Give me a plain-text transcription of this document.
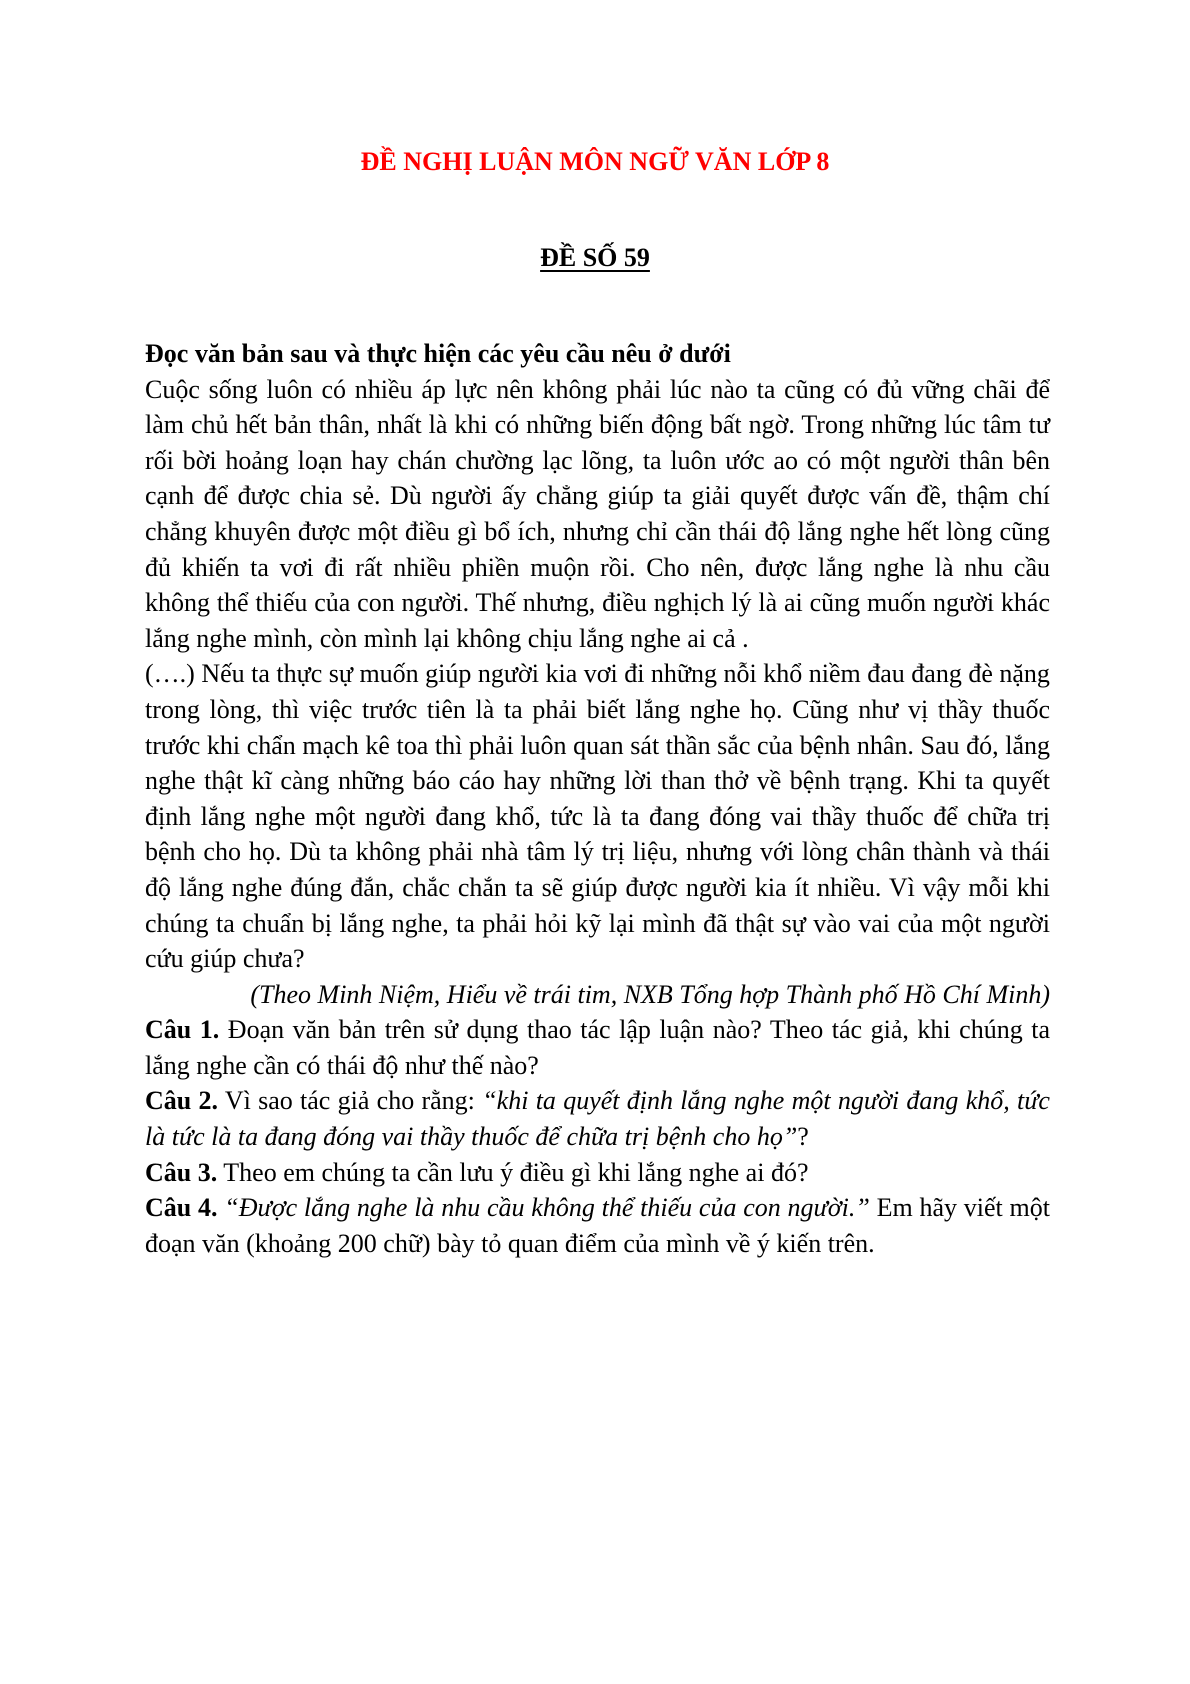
ĐỀ NGHỊ LUẬN MÔN NGỮ VĂN LỚP 8
ĐỀ SỐ 59

Đọc văn bản sau và thực hiện các yêu cầu nêu ở dưới

Cuộc sống luôn có nhiều áp lực nên không phải lúc nào ta cũng có đủ vững chãi để làm chủ hết bản thân, nhất là khi có những biến động bất ngờ. Trong những lúc tâm tư rối bời hoảng loạn hay chán chường lạc lõng, ta luôn ước ao có một người thân bên cạnh để được chia sẻ. Dù người ấy chẳng giúp ta giải quyết được vấn đề, thậm chí chẳng khuyên được một điều gì bổ ích, nhưng chỉ cần thái độ lắng nghe hết lòng cũng đủ khiến ta vơi đi rất nhiều phiền muộn rồi. Cho nên, được lắng nghe là nhu cầu không thể thiếu của con người. Thế nhưng, điều nghịch lý là ai cũng muốn người khác lắng nghe mình, còn mình lại không chịu lắng nghe ai cả .

(….) Nếu ta thực sự muốn giúp người kia vơi đi những nỗi khổ niềm đau đang đè nặng

trong lòng, thì việc trước tiên là ta phải biết lắng nghe họ. Cũng như vị thầy thuốc trước khi chẩn mạch kê toa thì phải luôn quan sát thần sắc của bệnh nhân. Sau đó, lắng nghe thật kĩ càng những báo cáo hay những lời than thở về bệnh trạng. Khi ta quyết định lắng nghe một người đang khổ, tức là ta đang đóng vai thầy thuốc để chữa trị bệnh cho họ. Dù ta không phải nhà tâm lý trị liệu, nhưng với lòng chân thành và thái độ lắng nghe đúng đắn, chắc chắn ta sẽ giúp được người kia ít nhiều. Vì vậy mỗi khi chúng ta chuẩn bị lắng nghe, ta phải hỏi kỹ lại mình đã thật sự vào vai của một người cứu giúp chưa?

(Theo Minh Niệm, Hiểu về trái tim, NXB Tổng hợp Thành phố Hồ Chí Minh)

Câu 1. Đoạn văn bản trên sử dụng thao tác lập luận nào? Theo tác giả, khi chúng ta lắng nghe cần có thái độ như thế nào?

Câu 2. Vì sao tác giả cho rằng: “khi ta quyết định lắng nghe một người đang khổ, tức là tức là ta đang đóng vai thầy thuốc để chữa trị bệnh cho họ”?

Câu 3. Theo em chúng ta cần lưu ý điều gì khi lắng nghe ai đó?

Câu 4. “Được lắng nghe là nhu cầu không thể thiếu của con người.” Em hãy viết một đoạn văn (khoảng 200 chữ) bày tỏ quan điểm của mình về ý kiến trên.
